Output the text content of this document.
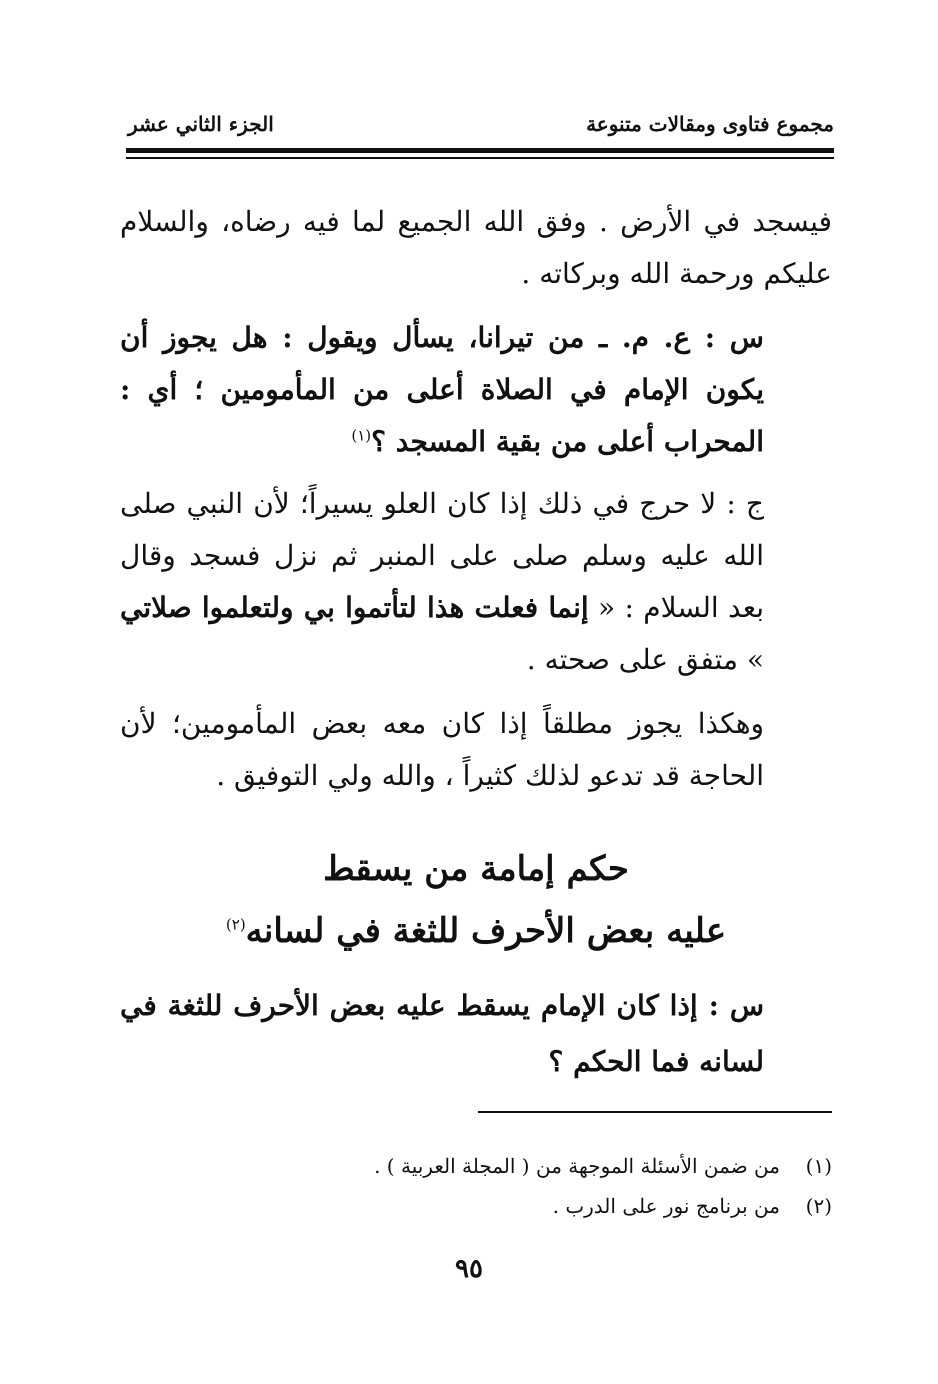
مجموع فتاوى ومقالات متنوعة
الجزء الثاني عشر

فيسجد في الأرض . وفق الله الجميع لما فيه رضاه، والسلام عليكم ورحمة الله وبركاته .

س : ع. م. ـ من تيرانا، يسأل ويقول : هل يجوز أن يكون الإمام في الصلاة أعلى من المأمومين ؛ أي : المحراب أعلى من بقية المسجد ؟$^{(١)}$

ج : لا حرج في ذلك إذا كان العلو يسيراً؛ لأن النبي صلى الله عليه وسلم صلى على المنبر ثم نزل فسجد وقال بعد السلام : « إنما فعلت هذا لتأتموا بي ولتعلموا صلاتي » متفق على صحته .

وهكذا يجوز مطلقاً إذا كان معه بعض المأمومين؛ لأن الحاجة قد تدعو لذلك كثيراً ، والله ولي التوفيق .

حكم إمامة من يسقط
عليه بعض الأحرف للثغة في لسانه$^{(٢)}$

س : إذا كان الإمام يسقط عليه بعض الأحرف للثغة في لسانه فما الحكم ؟

(١)
من ضمن الأسئلة الموجهة من ( المجلة العربية ) .
(٢)
من برنامج نور على الدرب .
٩٥
